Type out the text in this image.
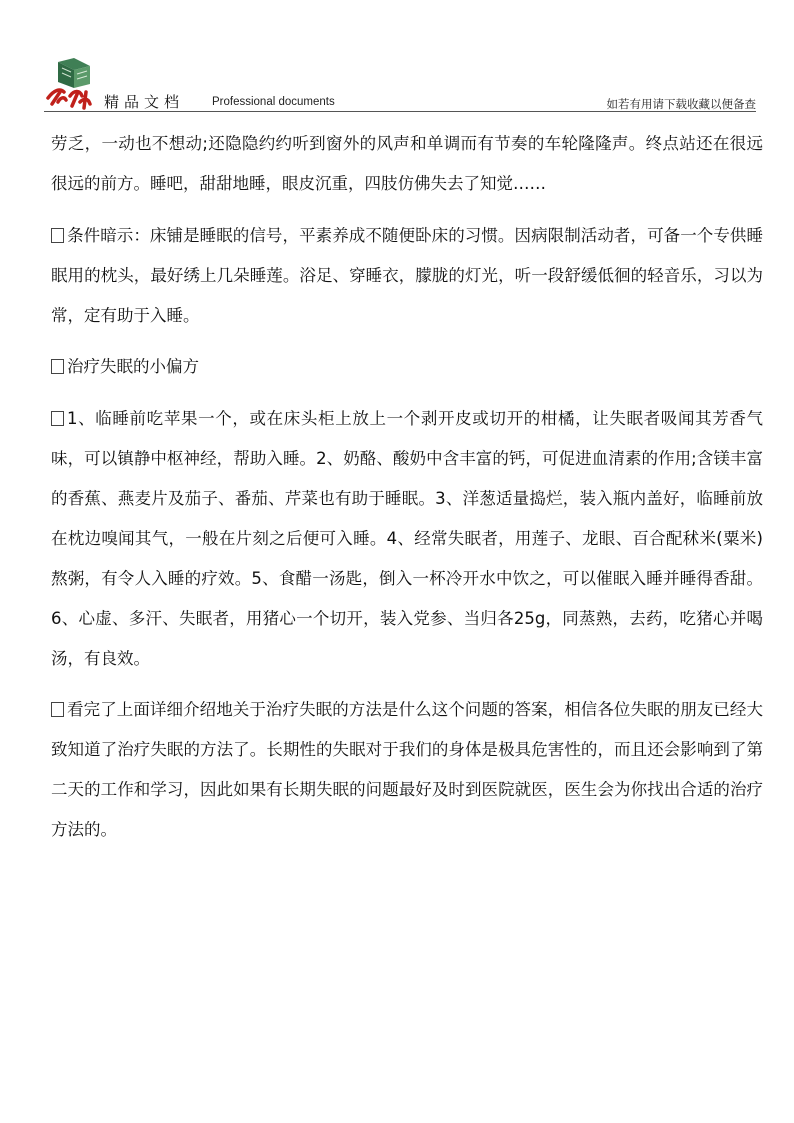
精品文档 Professional documents	如若有用请下载收藏以便备查

劳乏，一动也不想动;还隐隐约约听到窗外的风声和单调而有节奏的车轮隆隆声。终点站还在很远很远的前方。睡吧，甜甜地睡，眼皮沉重，四肢仿佛失去了知觉……

条件暗示：床铺是睡眠的信号，平素养成不随便卧床的习惯。因病限制活动者，可备一个专供睡眠用的枕头，最好绣上几朵睡莲。浴足、穿睡衣，朦胧的灯光，听一段舒缓低徊的轻音乐，习以为常，定有助于入睡。

治疗失眠的小偏方

1、临睡前吃苹果一个，或在床头柜上放上一个剥开皮或切开的柑橘，让失眠者吸闻其芳香气味，可以镇静中枢神经，帮助入睡。2、奶酪、酸奶中含丰富的钙，可促进血清素的作用;含镁丰富的香蕉、燕麦片及茄子、番茄、芹菜也有助于睡眠。3、洋葱适量捣烂，装入瓶内盖好，临睡前放在枕边嗅闻其气，一般在片刻之后便可入睡。4、经常失眠者，用莲子、龙眼、百合配秫米(粟米)熬粥，有令人入睡的疗效。5、食醋一汤匙，倒入一杯冷开水中饮之，可以催眠入睡并睡得香甜。6、心虚、多汗、失眠者，用猪心一个切开，装入党参、当归各25g，同蒸熟，去药，吃猪心并喝汤，有良效。

看完了上面详细介绍地关于治疗失眠的方法是什么这个问题的答案，相信各位失眠的朋友已经大致知道了治疗失眠的方法了。长期性的失眠对于我们的身体是极具危害性的，而且还会影响到了第二天的工作和学习，因此如果有长期失眠的问题最好及时到医院就医，医生会为你找出合适的治疗方法的。
